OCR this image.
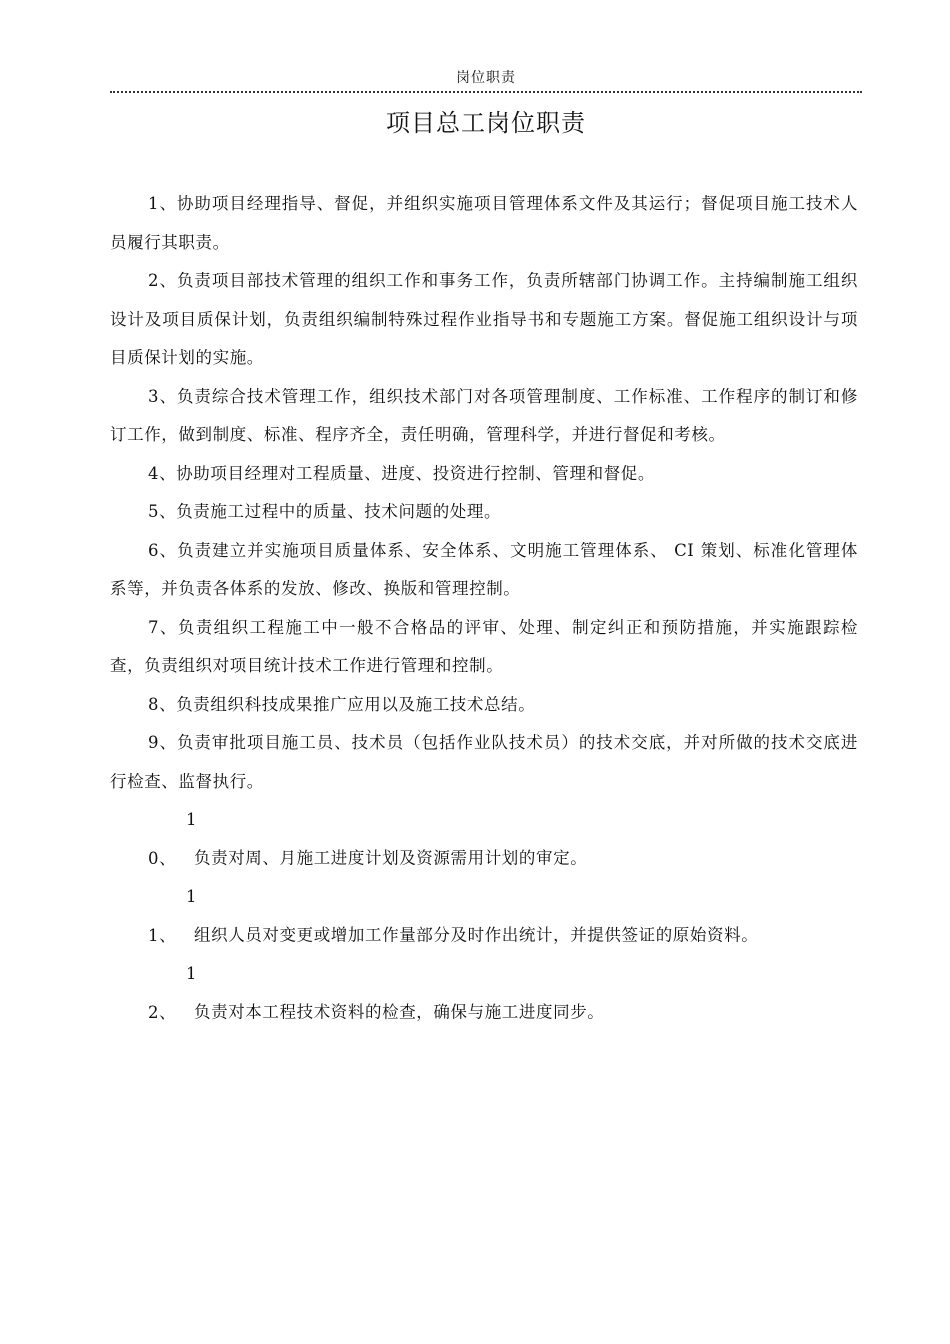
岗位职责
项目总工岗位职责

1、协助项目经理指导、督促，并组织实施项目管理体系文件及其运行；督促项目施工技术人员履行其职责。

2、负责项目部技术管理的组织工作和事务工作，负责所辖部门协调工作。主持编制施工组织设计及项目质保计划，负责组织编制特殊过程作业指导书和专题施工方案。督促施工组织设计与项目质保计划的实施。

3、负责综合技术管理工作，组织技术部门对各项管理制度、工作标准、工作程序的制订和修订工作，做到制度、标准、程序齐全，责任明确，管理科学，并进行督促和考核。

4、协助项目经理对工程质量、进度、投资进行控制、管理和督促。

5、负责施工过程中的质量、技术问题的处理。

6、负责建立并实施项目质量体系、安全体系、文明施工管理体系、 CI 策划、标准化管理体系等，并负责各体系的发放、修改、换版和管理控制。

7、负责组织工程施工中一般不合格品的评审、处理、制定纠正和预防措施，并实施跟踪检查，负责组织对项目统计技术工作进行管理和控制。

8、负责组织科技成果推广应用以及施工技术总结。

9、负责审批项目施工员、技术员（包括作业队技术员）的技术交底，并对所做的技术交底进行检查、监督执行。

10、 负责对周、月施工进度计划及资源需用计划的审定。

11、 组织人员对变更或增加工作量部分及时作出统计，并提供签证的原始资料。

12、 负责对本工程技术资料的检查，确保与施工进度同步。
